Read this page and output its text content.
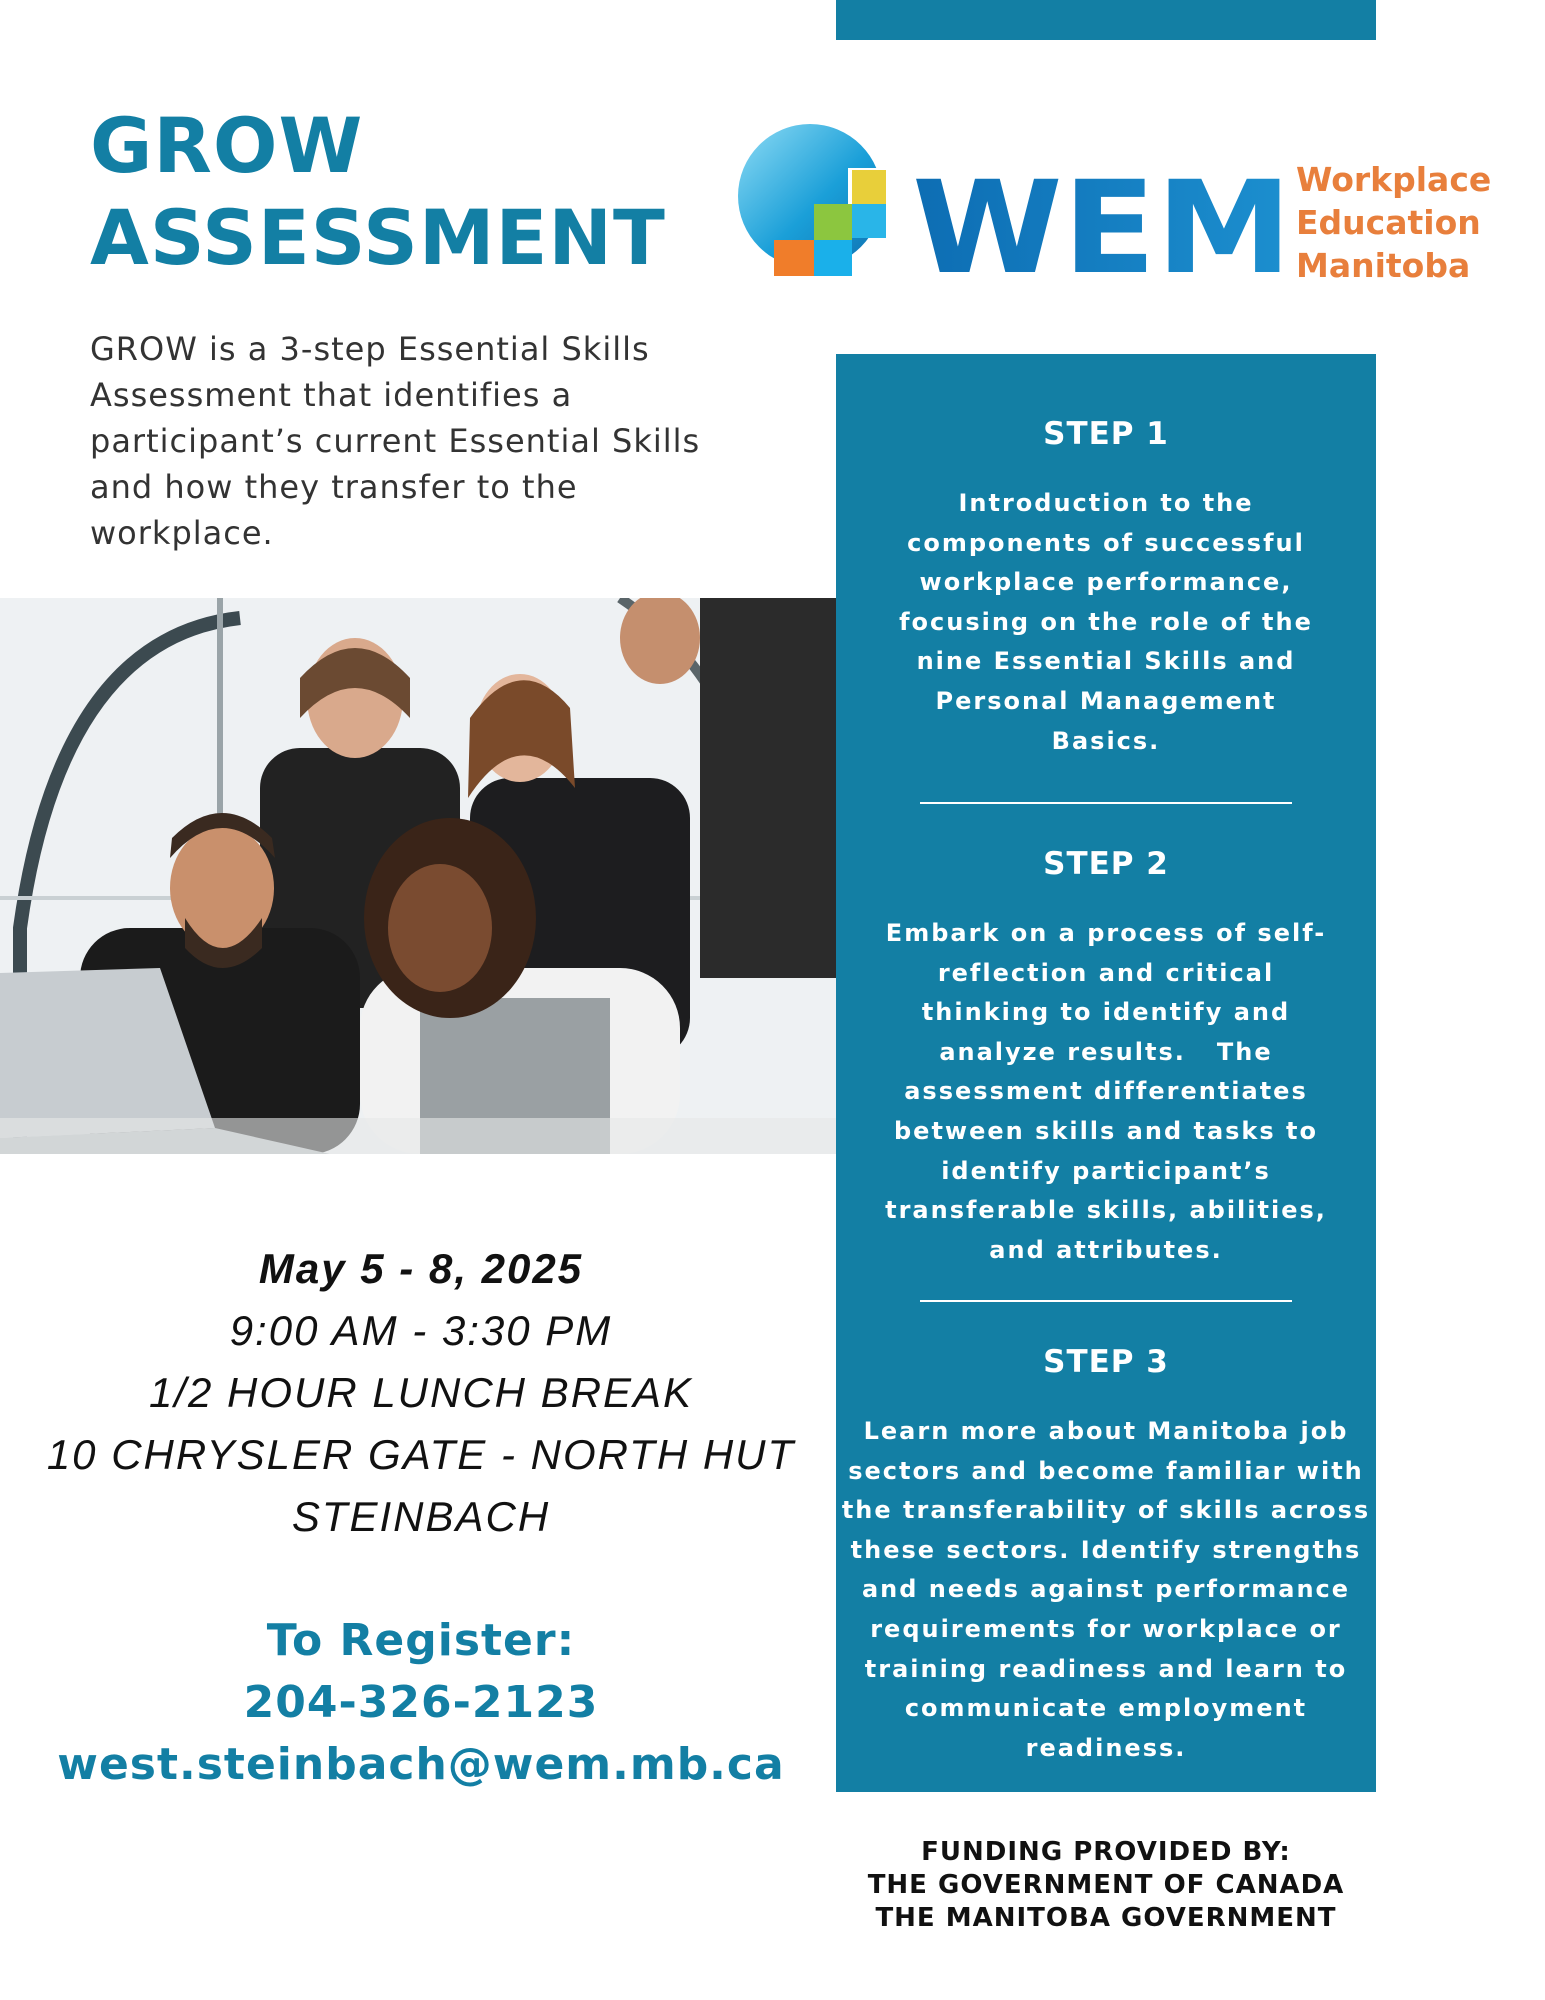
GROW
ASSESSMENT

GROW is a 3-step Essential Skills Assessment that identifies a participant’s current Essential Skills and how they transfer to the workplace.

WEM Workplace
Education
Manitoba
May 5 - 8, 2025
9:00 AM - 3:30 PM
1/2 HOUR LUNCH BREAK
10 CHRYSLER GATE - NORTH HUT
STEINBACH
To Register:
204-326-2123
west.steinbach@wem.mb.ca
STEP 1
Introduction to the
components of successful
workplace performance,
focusing on the role of the
nine Essential Skills and
Personal Management
Basics.
STEP 2
Embark on a process of self-
reflection and critical
thinking to identify and
analyze results.   The
assessment differentiates
between skills and tasks to
identify participant’s
transferable skills, abilities,
and attributes.
STEP 3
Learn more about Manitoba job
sectors and become familiar with
the transferability of skills across
these sectors. Identify strengths
and needs against performance
requirements for workplace or
training readiness and learn to
communicate employment
readiness.
FUNDING PROVIDED BY:
THE GOVERNMENT OF CANADA
THE MANITOBA GOVERNMENT
